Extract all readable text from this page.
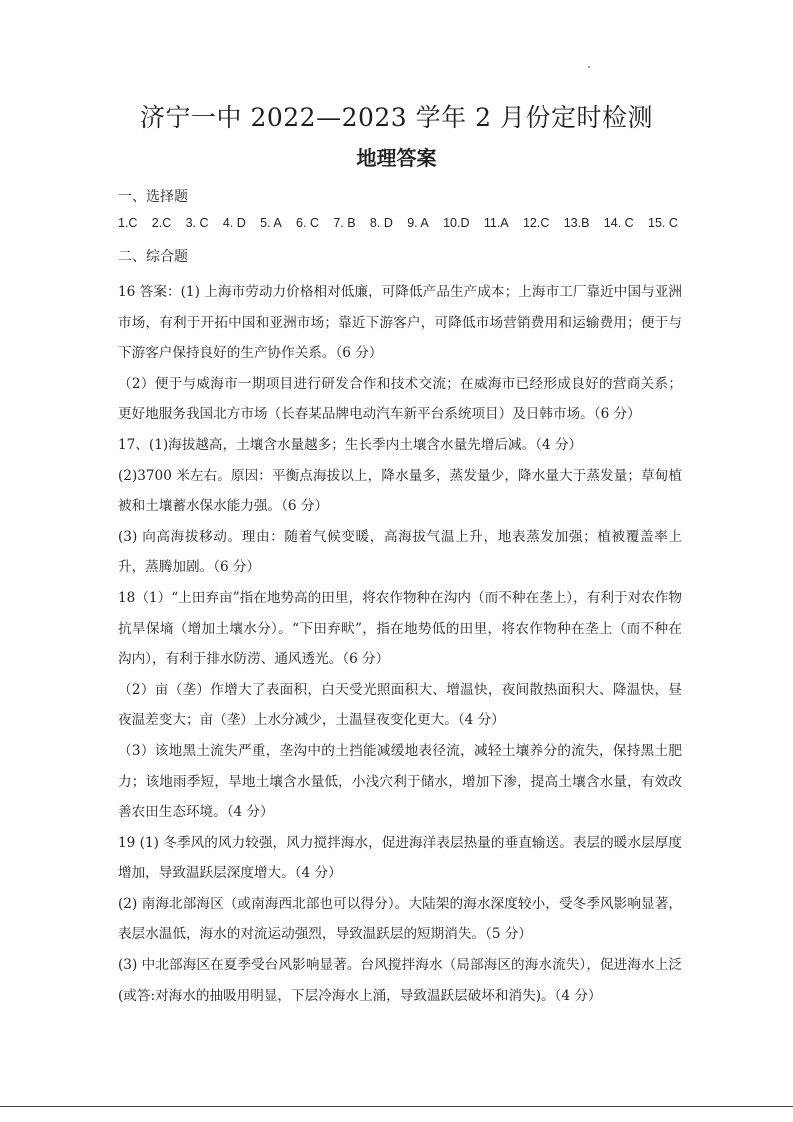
济宁一中 2022—2023 学年 2 月份定时检测
地理答案
一、选择题
1.C 2.C 3. C 4. D 5. A 6. C 7. B 8. D 9. A 10.D 11.A 12.C 13.B 14. C 15. C
二、综合题

16 答案：(1) 上海市劳动力价格相对低廉，可降低产品生产成本；上海市工厂靠近中国与亚洲市场，有利于开拓中国和亚洲市场；靠近下游客户，可降低市场营销费用和运输费用；便于与下游客户保持良好的生产协作关系。（6 分）

（2）便于与威海市一期项目进行研发合作和技术交流；在威海市已经形成良好的营商关系；更好地服务我国北方市场（长春某品牌电动汽车新平台系统项目）及日韩市场。（6 分）

17、(1)海拔越高，土壤含水量越多；生长季内土壤含水量先增后减。（4 分）

(2)3700 米左右。原因：平衡点海拔以上，降水量多，蒸发量少，降水量大于蒸发量；草甸植被和土壤蓄水保水能力强。（6 分）

(3) 向高海拔移动。理由：随着气候变暖，高海拔气温上升，地表蒸发加强；植被覆盖率上升，蒸腾加剧。（6 分）

18（1）“上田弃亩”指在地势高的田里，将农作物种在沟内（而不种在垄上），有利于对农作物抗旱保墒（增加土壤水分）。“下田弃畎”，指在地势低的田里，将农作物种在垄上（而不种在沟内），有利于排水防涝、通风透光。（6 分）

（2）亩（垄）作增大了表面积，白天受光照面积大、增温快，夜间散热面积大、降温快，昼夜温差变大；亩（垄）上水分减少，土温昼夜变化更大。（4 分）

（3）该地黑土流失严重，垄沟中的土挡能减缓地表径流，减轻土壤养分的流失，保持黑土肥力；该地雨季短，旱地土壤含水量低，小浅穴利于储水，增加下渗，提高土壤含水量，有效改善农田生态环境。（4 分）

19 (1) 冬季风的风力较强，风力搅拌海水，促进海洋表层热量的垂直输送。表层的暖水层厚度增加，导致温跃层深度增大。（4 分）

(2) 南海北部海区（或南海西北部也可以得分）。大陆架的海水深度较小，受冬季风影响显著，表层水温低，海水的对流运动强烈，导致温跃层的短期消失。（5 分）

(3) 中北部海区在夏季受台风影响显著。台风搅拌海水（局部海区的海水流失），促进海水上泛(或答:对海水的抽吸用明显，下层冷海水上涌，导致温跃层破坏和消失)。（4 分）
